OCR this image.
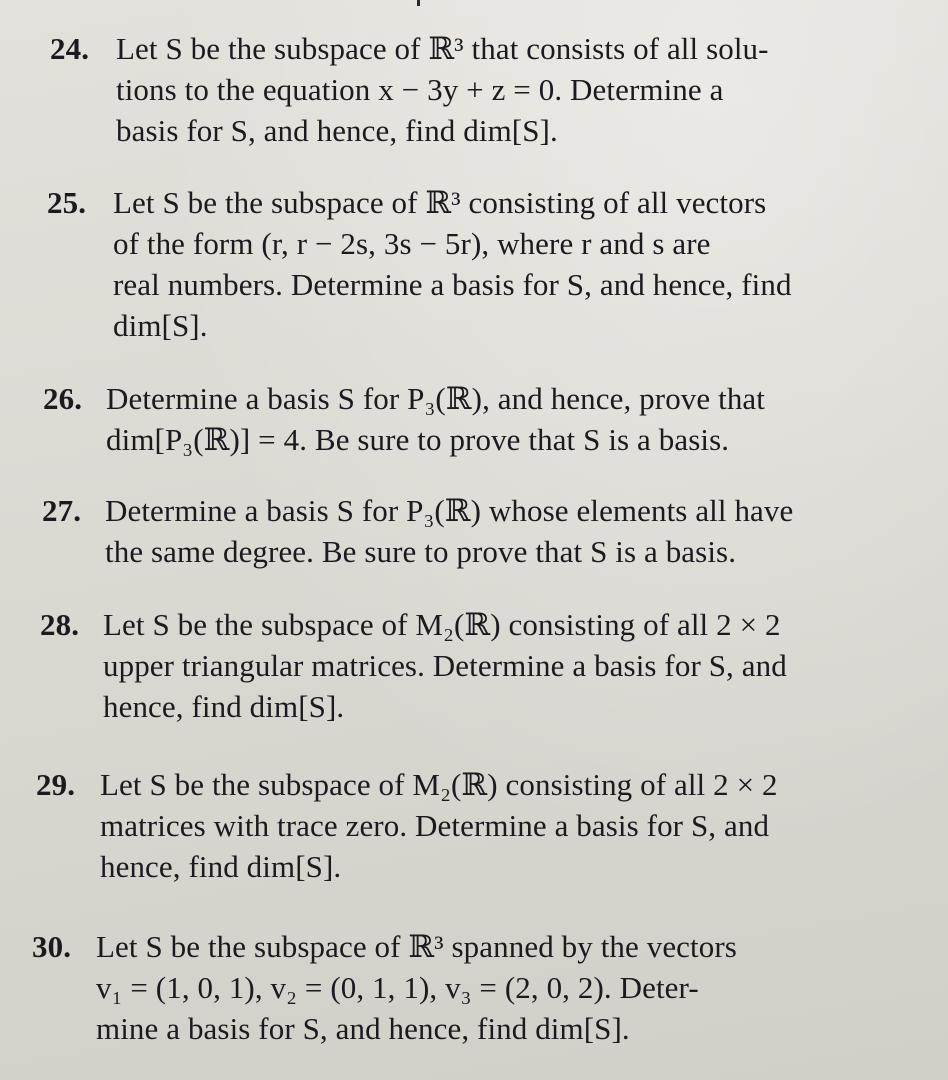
24. Let S be the subspace of ℝ³ that consists of all solu-
tions to the equation x − 3y + z = 0. Determine a
basis for S, and hence, find dim[S].
25. Let S be the subspace of ℝ³ consisting of all vectors
of the form (r, r − 2s, 3s − 5r), where r and s are
real numbers. Determine a basis for S, and hence, find
dim[S].
26. Determine a basis S for P₃(ℝ), and hence, prove that
dim[P₃(ℝ)] = 4. Be sure to prove that S is a basis.
27. Determine a basis S for P₃(ℝ) whose elements all have
the same degree. Be sure to prove that S is a basis.
28. Let S be the subspace of M₂(ℝ) consisting of all 2 × 2
upper triangular matrices. Determine a basis for S, and
hence, find dim[S].
29. Let S be the subspace of M₂(ℝ) consisting of all 2 × 2
matrices with trace zero. Determine a basis for S, and
hence, find dim[S].
30. Let S be the subspace of ℝ³ spanned by the vectors
v₁ = (1, 0, 1), v₂ = (0, 1, 1), v₃ = (2, 0, 2). Deter-
mine a basis for S, and hence, find dim[S].
